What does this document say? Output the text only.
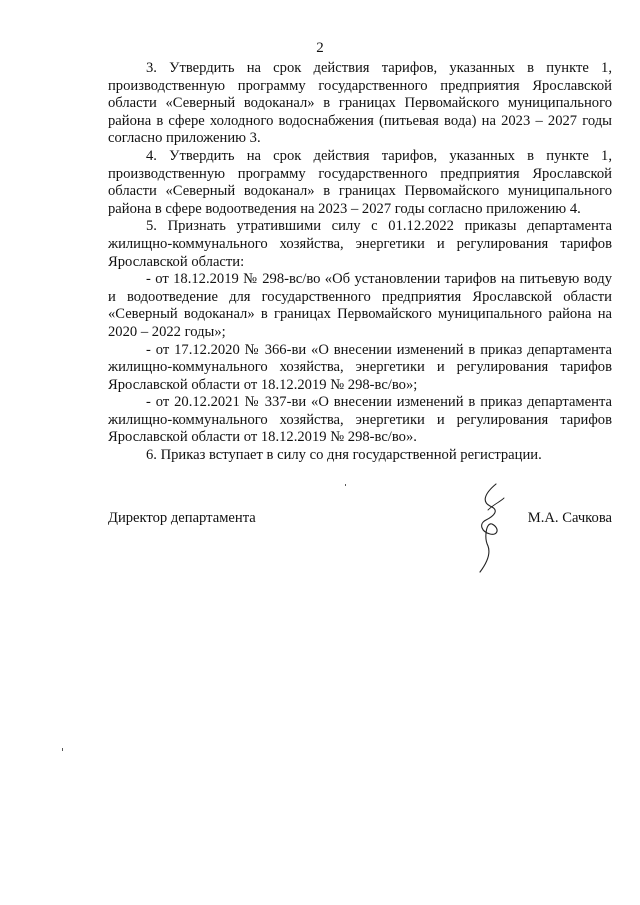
2

3. Утвердить на срок действия тарифов, указанных в пункте 1, производственную программу государственного предприятия Ярославской области «Северный водоканал» в границах Первомайского муниципального района в сфере холодного водоснабжения (питьевая вода) на 2023 – 2027 годы согласно приложению 3.

4. Утвердить на срок действия тарифов, указанных в пункте 1, производственную программу государственного предприятия Ярославской области «Северный водоканал» в границах Первомайского муниципального района в сфере водоотведения на 2023 – 2027 годы согласно приложению 4.

5. Признать утратившими силу с 01.12.2022 приказы департамента жилищно-коммунального хозяйства, энергетики и регулирования тарифов Ярославской области:

- от 18.12.2019 № 298-вс/во «Об установлении тарифов на питьевую воду и водоотведение для государственного предприятия Ярославской области «Северный водоканал» в границах Первомайского муниципального района на 2020 – 2022 годы»;

- от 17.12.2020 № 366-ви «О внесении изменений в приказ департамента жилищно-коммунального хозяйства, энергетики и регулирования тарифов Ярославской области от 18.12.2019 № 298-вс/во»;

- от 20.12.2021 № 337-ви «О внесении изменений в приказ департамента жилищно-коммунального хозяйства, энергетики и регулирования тарифов Ярославской области от 18.12.2019 № 298-вс/во».

6. Приказ вступает в силу со дня государственной регистрации.

Директор департамента	М.А. Сачкова
